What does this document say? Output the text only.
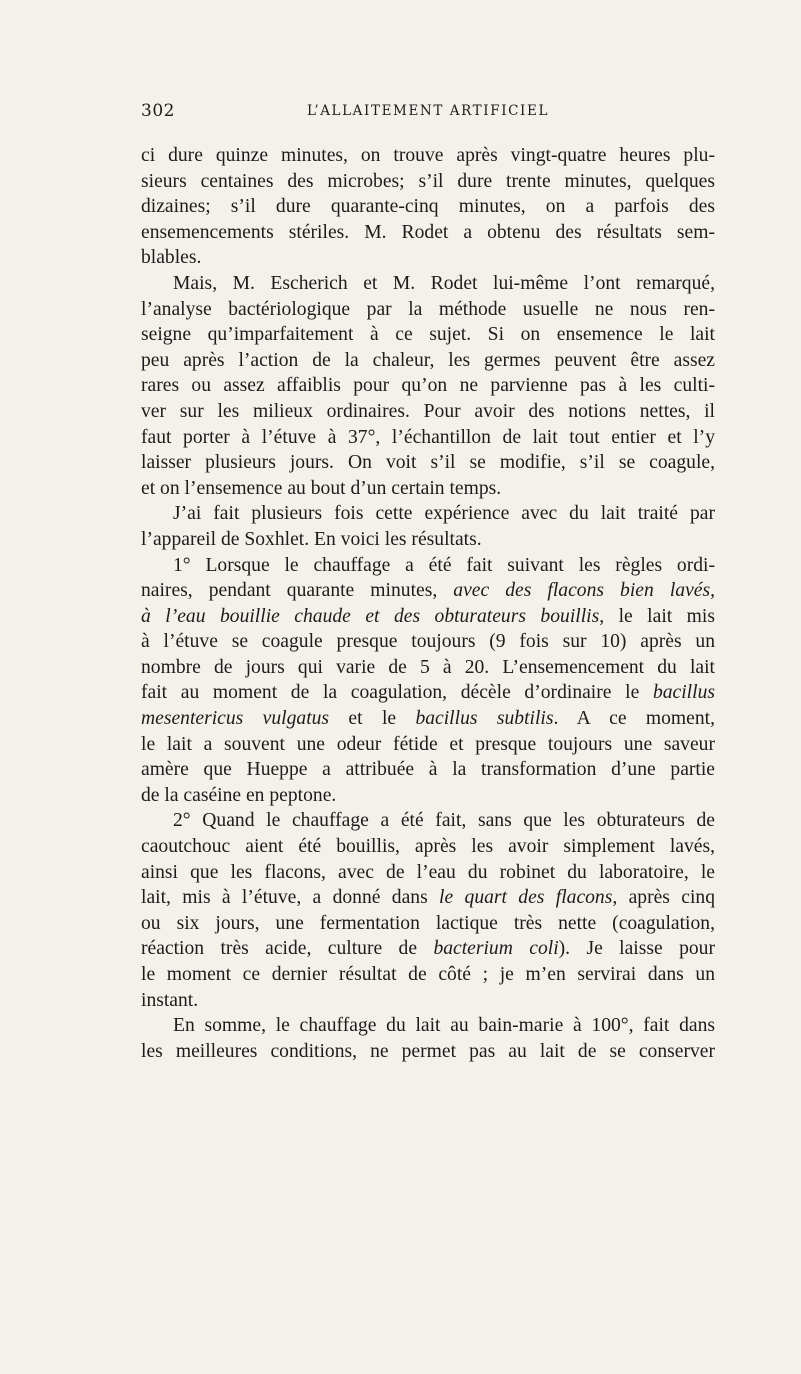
302	L’ALLAITEMENT ARTIFICIEL
ci dure quinze minutes, on trouve après vingt-quatre heures plu-
sieurs centaines des microbes; s’il dure trente minutes, quelques
dizaines; s’il dure quarante-cinq minutes, on a parfois des
ensemencements stériles. M. Rodet a obtenu des résultats sem-
blables.
Mais, M. Escherich et M. Rodet lui-même l’ont remarqué,
l’analyse bactériologique par la méthode usuelle ne nous ren-
seigne qu’imparfaitement à ce sujet. Si on ensemence le lait
peu après l’action de la chaleur, les germes peuvent être assez
rares ou assez affaiblis pour qu’on ne parvienne pas à les culti-
ver sur les milieux ordinaires. Pour avoir des notions nettes, il
faut porter à l’étuve à 37°, l’échantillon de lait tout entier et l’y
laisser plusieurs jours. On voit s’il se modifie, s’il se coagule,
et on l’ensemence au bout d’un certain temps.
J’ai fait plusieurs fois cette expérience avec du lait traité par
l’appareil de Soxhlet. En voici les résultats.
1° Lorsque le chauffage a été fait suivant les règles ordi-
naires, pendant quarante minutes, avec des flacons bien lavés,
à l’eau bouillie chaude et des obturateurs bouillis, le lait mis
à l’étuve se coagule presque toujours (9 fois sur 10) après un
nombre de jours qui varie de 5 à 20. L’ensemencement du lait
fait au moment de la coagulation, décèle d’ordinaire le bacillus
mesentericus vulgatus et le bacillus subtilis. A ce moment,
le lait a souvent une odeur fétide et presque toujours une saveur
amère que Hueppe a attribuée à la transformation d’une partie
de la caséine en peptone.
2° Quand le chauffage a été fait, sans que les obturateurs de
caoutchouc aient été bouillis, après les avoir simplement lavés,
ainsi que les flacons, avec de l’eau du robinet du laboratoire, le
lait, mis à l’étuve, a donné dans le quart des flacons, après cinq
ou six jours, une fermentation lactique très nette (coagulation,
réaction très acide, culture de bacterium coli). Je laisse pour
le moment ce dernier résultat de côté ; je m’en servirai dans un
instant.
En somme, le chauffage du lait au bain-marie à 100°, fait dans
les meilleures conditions, ne permet pas au lait de se conserver
